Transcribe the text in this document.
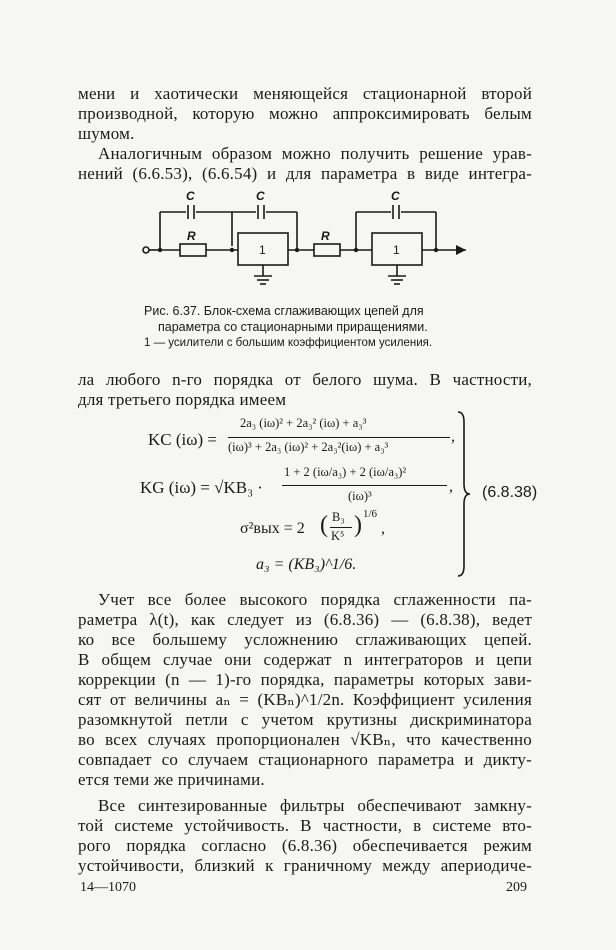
мени и хаотически меняющейся стационарной второй
производной, которую можно аппроксимировать белым
шумом.
Аналогичным образом можно получить решение урав-
нений (6.6.53), (6.6.54) и для параметра в виде интегра-
C	C	C
R	R
1	1
Рис. 6.37. Блок-схема сглаживающих цепей для
параметра со стационарными приращениями.
1 — усилители с большим коэффициентом усиления.
ла любого n-го порядка от белого шума. В частности,
для третьего порядка имеем
KC (iω) =
2a₃ (iω)² + 2a₃² (iω) + a₃³
(iω)³ + 2a₃ (iω)² + 2a₃²(iω) + a₃³
,
KG (iω) = √KB₃ ·
1 + 2 (iω/a₃) + 2 (iω/a₃)²
(iω)³
,
σ²вых = 2 ( B₃
K⁵ ) 1/6
,
a₃ = (KB₃)^1/6.
(6.8.38)
Учет все более высокого порядка сглаженности па-
раметра λ(t), как следует из (6.8.36) — (6.8.38), ведет
ко все большему усложнению сглаживающих цепей.
В общем случае они содержат n интеграторов и цепи
коррекции (n — 1)-го порядка, параметры которых зави-
сят от величины aₙ = (KBₙ)^1/2n. Коэффициент усиления
разомкнутой петли с учетом крутизны дискриминатора
во всех случаях пропорционален √KBₙ, что качественно
совпадает со случаем стационарного параметра и дикту-
ется теми же причинами.
Все синтезированные фильтры обеспечивают замкну-
той системе устойчивость. В частности, в системе вто-
рого порядка согласно (6.8.36) обеспечивается режим
устойчивости, близкий к граничному между апериодиче-
14—1070	209
